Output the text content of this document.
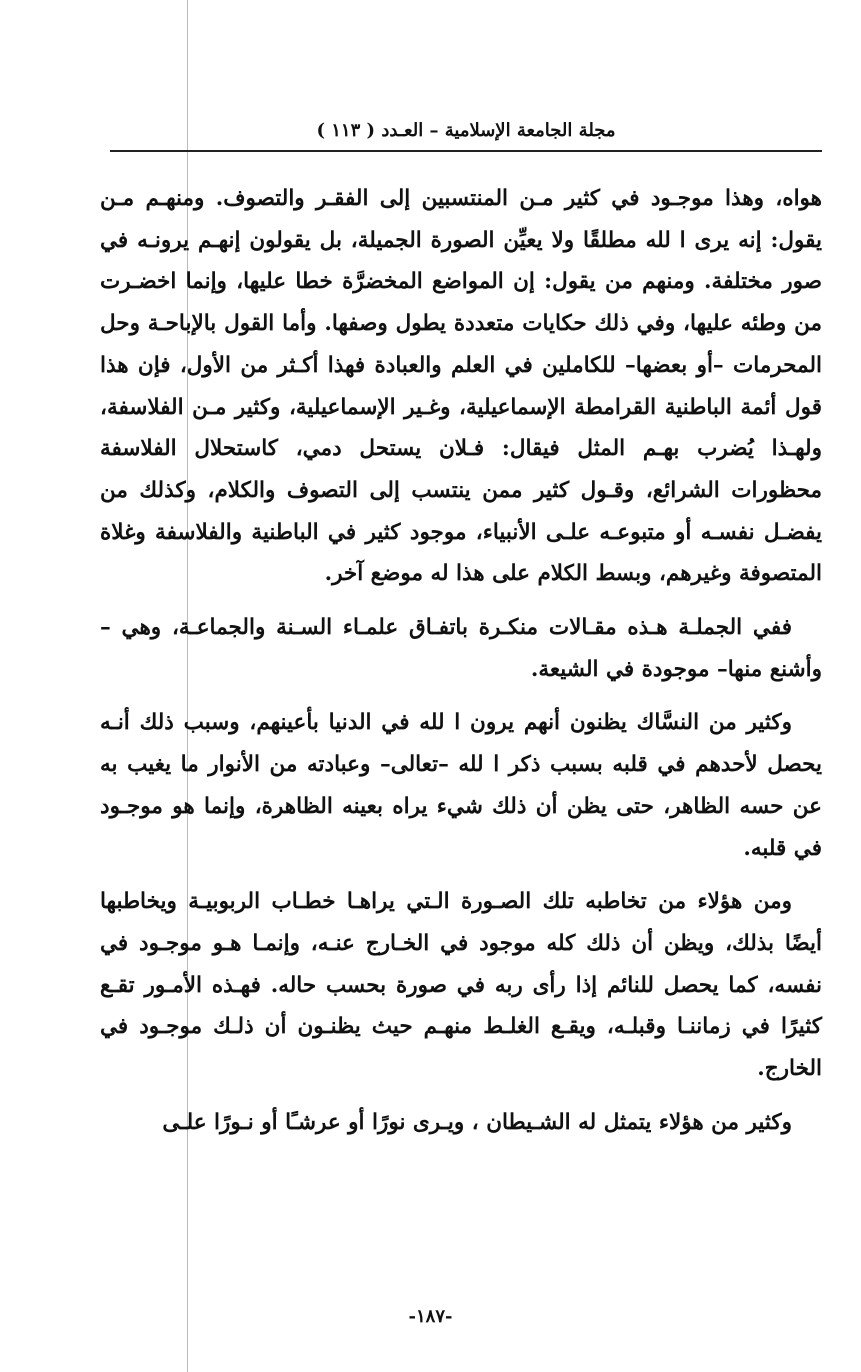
مجلة الجامعة الإسلامية – العـدد ( ١١٣ )

هواه، وهذا موجـود في كثير مـن المنتسبين إلى الفقـر والتصوف. ومنهـم مـن يقول: إنه يرى ا لله مطلقًا ولا يعيِّن الصورة الجميلة، بل يقولون إنهـم يرونـه في صور مختلفة. ومنهم من يقول: إن المواضع المخضرَّة خطا عليها، وإنما اخضـرت من وطئه عليها، وفي ذلك حكايات متعددة يطول وصفها. وأما القول بالإباحـة وحل المحرمات –أو بعضها– للكاملين في العلم والعبادة فهذا أكـثر من الأول، فإن هذا قول أئمة الباطنية القرامطة الإسماعيلية، وغـير الإسماعيلية، وكثير مـن الفلاسفة، ولهـذا يُضرب بهـم المثل فيقال: فـلان يستحل دمي، كاستحلال الفلاسفة محظورات الشرائع، وقـول كثير ممن ينتسب إلى التصوف والكلام، وكذلك من يفضـل نفسـه أو متبوعـه علـى الأنبياء، موجود كثير في الباطنية والفلاسفة وغلاة المتصوفة وغيرهم، وبسط الكلام على هذا له موضع آخر.

ففي الجملـة هـذه مقـالات منكـرة باتفـاق علمـاء السـنة والجماعـة، وهي –وأشنع منها– موجودة في الشيعة.

وكثير من النسَّاك يظنون أنهم يرون ا لله في الدنيا بأعينهم، وسبب ذلك أنـه يحصل لأحدهم في قلبه بسبب ذكر ا لله –تعالى– وعبادته من الأنوار ما يغيب به عن حسه الظاهر، حتى يظن أن ذلك شيء يراه بعينه الظاهرة، وإنما هو موجـود في قلبه.

ومن هؤلاء من تخاطبه تلك الصـورة الـتي يراهـا خطـاب الربوبيـة ويخاطبها أيضًا بذلك، ويظن أن ذلك كله موجود في الخـارج عنـه، وإنمـا هـو موجـود في نفسه، كما يحصل للنائم إذا رأى ربه في صورة بحسب حاله. فهـذه الأمـور تقـع كثيرًا في زماننـا وقبلـه، ويقـع الغلـط منهـم حيث يظنـون أن ذلـك موجـود في الخارج.

وكثير من هؤلاء يتمثل له الشـيطان ، ويـرى نورًا أو عرشـًا أو نـورًا علـى

-١٨٧-
